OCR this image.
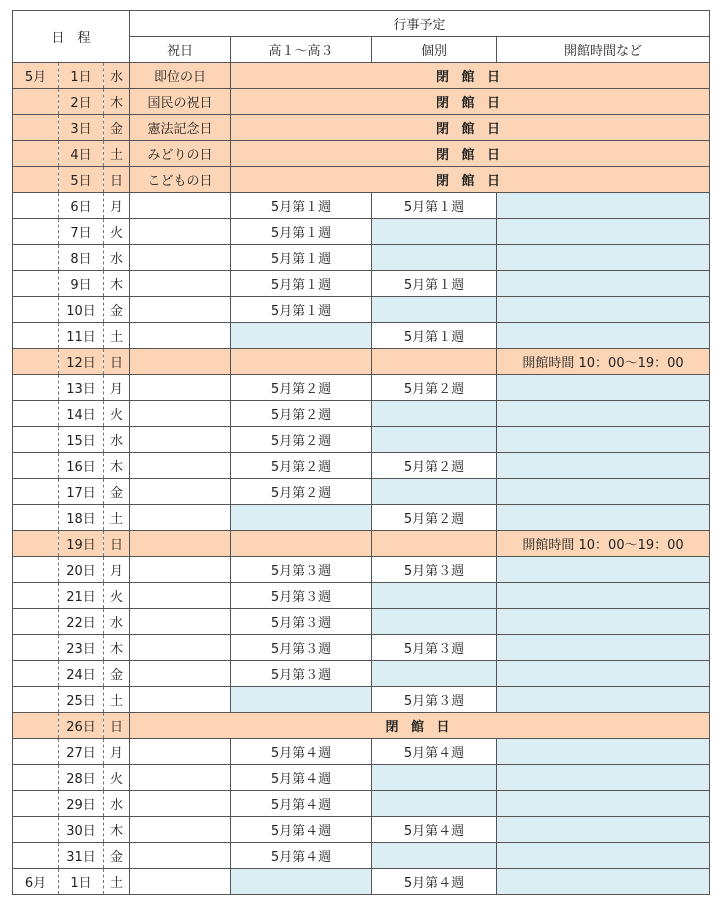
日　程			行事予定			
			祝日	高１～高３	個別	開館時間など
5月	1日	水	即位の日	閉 館 日		
	2日	木	国民の祝日	閉 館 日		
	3日	金	憲法記念日	閉 館 日		
	4日	土	みどりの日	閉 館 日		
	5日	日	こどもの日	閉 館 日		
	6日	月		5月第１週	5月第１週	
	7日	火		5月第１週		
	8日	水		5月第１週		
	9日	木		5月第１週	5月第１週	
	10日	金		5月第１週		
	11日	土			5月第１週	
	12日	日				開館時間 10：00～19：00
	13日	月		5月第２週	5月第２週	
	14日	火		5月第２週		
	15日	水		5月第２週		
	16日	木		5月第２週	5月第２週	
	17日	金		5月第２週		
	18日	土			5月第２週	
	19日	日				開館時間 10：00～19：00
	20日	月		5月第３週	5月第３週	
	21日	火		5月第３週		
	22日	水		5月第３週		
	23日	木		5月第３週	5月第３週	
	24日	金		5月第３週		
	25日	土			5月第３週	
	26日	日	閉 館 日			
	27日	月		5月第４週	5月第４週	
	28日	火		5月第４週		
	29日	水		5月第４週		
	30日	木		5月第４週	5月第４週	
	31日	金		5月第４週		
6月	1日	土			5月第４週	
